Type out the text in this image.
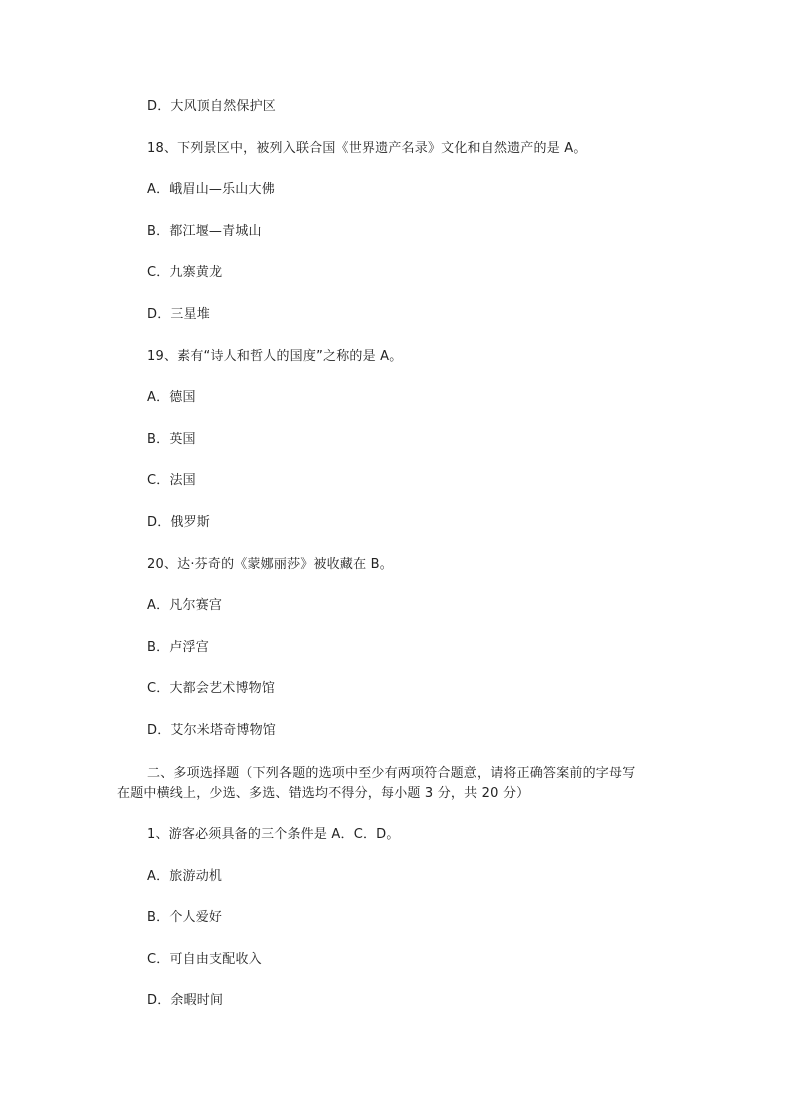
D．大风顶自然保护区
18、下列景区中，被列入联合国《世界遗产名录》文化和自然遗产的是 A。
A．峨眉山—乐山大佛
B．都江堰—青城山
C．九寨黄龙
D．三星堆
19、素有“诗人和哲人的国度”之称的是 A。
A．德国
B．英国
C．法国
D．俄罗斯
20、达·芬奇的《蒙娜丽莎》被收藏在 B。
A．凡尔赛宫
B．卢浮宫
C．大都会艺术博物馆
D．艾尔米塔奇博物馆
二、多项选择题（下列各题的选项中至少有两项符合题意，请将正确答案前的字母写
在题中横线上，少选、多选、错选均不得分，每小题 3 分，共 20 分）
1、游客必须具备的三个条件是 A．C．D。
A．旅游动机
B．个人爱好
C．可自由支配收入
D．余暇时间
